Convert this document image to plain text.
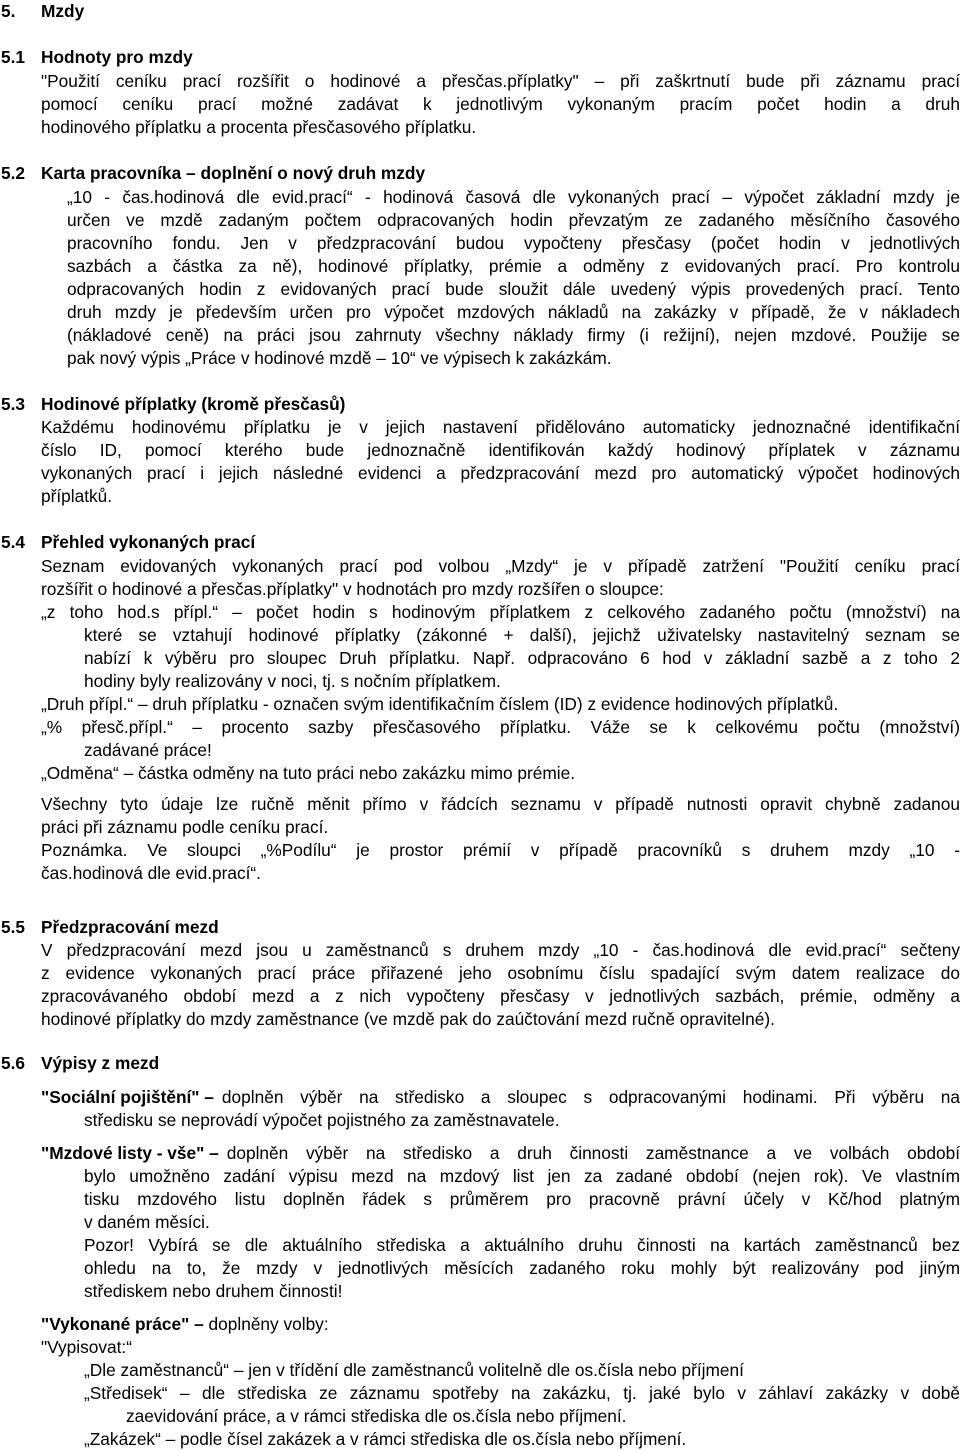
5. Mzdy
5.1 Hodnoty pro mzdy
"Použití ceníku prací rozšířit o hodinové a přesčas.příplatky" – při zaškrtnutí bude při záznamu prací
pomocí ceníku prací možné zadávat k jednotlivým vykonaným pracím počet hodin a druh
hodinového příplatku a procenta přesčasového příplatku.
5.2 Karta pracovníka – doplnění o nový druh mzdy
„10 - čas.hodinová dle evid.prací“ - hodinová časová dle vykonaných prací – výpočet základní mzdy je
určen ve mzdě zadaným počtem odpracovaných hodin převzatým ze zadaného měsíčního časového
pracovního fondu. Jen v předzpracování budou vypočteny přesčasy (počet hodin v jednotlivých
sazbách a částka za ně), hodinové příplatky, prémie a odměny z evidovaných prací. Pro kontrolu
odpracovaných hodin z evidovaných prací bude sloužit dále uvedený výpis provedených prací. Tento
druh mzdy je především určen pro výpočet mzdových nákladů na zakázky v případě, že v nákladech
(nákladové ceně) na práci jsou zahrnuty všechny náklady firmy (i režijní), nejen mzdové. Použije se
pak nový výpis „Práce v hodinové mzdě – 10“ ve výpisech k zakázkám.
5.3 Hodinové příplatky (kromě přesčasů)
Každému hodinovému příplatku je v jejich nastavení přidělováno automaticky jednoznačné identifikační
číslo ID, pomocí kterého bude jednoznačně identifikován každý hodinový příplatek v záznamu
vykonaných prací i jejich následné evidenci a předzpracování mezd pro automatický výpočet hodinových
příplatků.
5.4 Přehled vykonaných prací
Seznam evidovaných vykonaných prací pod volbou „Mzdy“ je v případě zatržení "Použití ceníku prací
rozšířit o hodinové a přesčas.příplatky" v hodnotách pro mzdy rozšířen o sloupce:
„z toho hod.s přípl.“ – počet hodin s hodinovým příplatkem z celkového zadaného počtu (množství) na
které se vztahují hodinové příplatky (zákonné + další), jejichž uživatelsky nastavitelný seznam se
nabízí k výběru pro sloupec Druh příplatku. Např. odpracováno 6 hod v základní sazbě a z toho 2
hodiny byly realizovány v noci, tj. s nočním příplatkem.
„Druh přípl.“ – druh příplatku - označen svým identifikačním číslem (ID) z evidence hodinových příplatků.
„% přesč.přípl.“ – procento sazby přesčasového příplatku. Váže se k celkovému počtu (množství)
zadávané práce!
„Odměna“ – částka odměny na tuto práci nebo zakázku mimo prémie.
Všechny tyto údaje lze ručně měnit přímo v řádcích seznamu v případě nutnosti opravit chybně zadanou
práci při záznamu podle ceníku prací.
Poznámka. Ve sloupci „%Podílu“ je prostor prémií v případě pracovníků s druhem mzdy „10 -
čas.hodinová dle evid.prací“.
5.5 Předzpracování mezd
V předzpracování mezd jsou u zaměstnanců s druhem mzdy „10 - čas.hodinová dle evid.prací“ sečteny
z evidence vykonaných prací práce přiřazené jeho osobnímu číslu spadající svým datem realizace do
zpracovávaného období mezd a z nich vypočteny přesčasy v jednotlivých sazbách, prémie, odměny a
hodinové příplatky do mzdy zaměstnance (ve mzdě pak do zaúčtování mezd ručně opravitelné).
5.6 Výpisy z mezd
"Sociální pojištění" – doplněn výběr na středisko a sloupec s odpracovanými hodinami. Při výběru na
středisku se neprovádí výpočet pojistného za zaměstnavatele.
"Mzdové listy - vše" – doplněn výběr na středisko a druh činnosti zaměstnance a ve volbách období
bylo umožněno zadání výpisu mezd na mzdový list jen za zadané období (nejen rok). Ve vlastním
tisku mzdového listu doplněn řádek s průměrem pro pracovně právní účely v Kč/hod platným
v daném měsíci.
Pozor! Vybírá se dle aktuálního střediska a aktuálního druhu činnosti na kartách zaměstnanců bez
ohledu na to, že mzdy v jednotlivých měsících zadaného roku mohly být realizovány pod jiným
střediskem nebo druhem činnosti!
"Vykonané práce" – doplněny volby:
"Vypisovat:“
„Dle zaměstnanců“ – jen v třídění dle zaměstnanců volitelně dle os.čísla nebo příjmení
„Středisek“ – dle střediska ze záznamu spotřeby na zakázku, tj. jaké bylo v záhlaví zakázky v době
zaevidování práce, a v rámci střediska dle os.čísla nebo příjmení.
„Zakázek“ – podle čísel zakázek a v rámci střediska dle os.čísla nebo příjmení.
